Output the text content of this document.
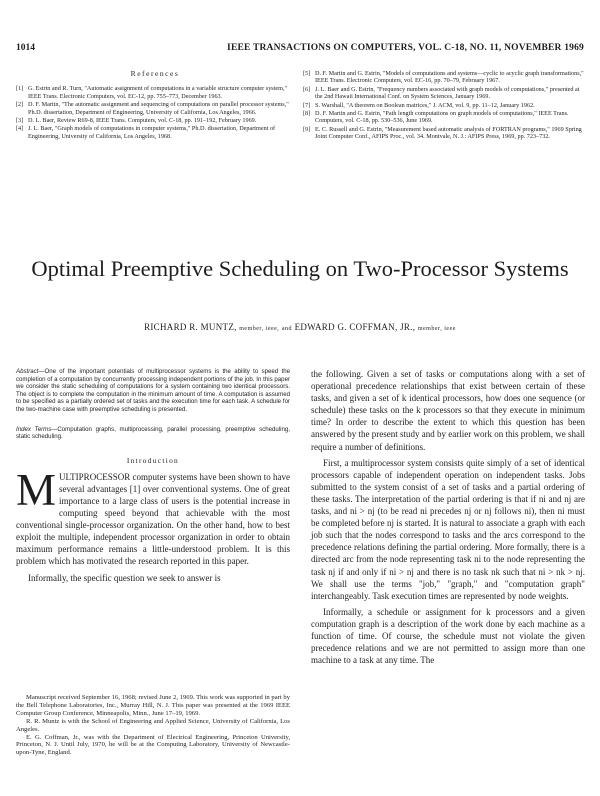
1014	IEEE TRANSACTIONS ON COMPUTERS, VOL. C-18, NO. 11, NOVEMBER 1969
References
[1] G. Estrin and R. Turn, "Automatic assignment of computations in a variable structure computer system," IEEE Trans. Electronic Computers, vol. EC-12, pp. 755–773, December 1963.
[2] D. F. Martin, "The automatic assignment and sequencing of computations on parallel processor systems," Ph.D. dissertation, Department of Engineering, University of California, Los Angeles, 1966.
[3] D. L. Baer, Review R69-8, IEEE Trans. Computers, vol. C-18, pp. 191–192, February 1969.
[4] J. L. Baer, "Graph models of computations in computer systems," Ph.D. dissertation, Department of Engineering, University of California, Los Angeles, 1968.
[5] D. F. Martin and G. Estrin, "Models of computations and systems—cyclic to acyclic graph transformations," IEEE Trans. Electronic Computers, vol. EC-16, pp. 70–79, February 1967.
[6] J. L. Baer and G. Estrin, "Frequency numbers associated with graph models of computations," presented at the 2nd Hawaii International Conf. on System Sciences, January 1969.
[7] S. Warshall, "A theorem on Boolean matrices," J. ACM, vol. 9, pp. 11–12, January 1962.
[8] D. F. Martin and G. Estrin, "Path length computations on graph models of computations," IEEE Trans. Computers, vol. C-18, pp. 530–536, June 1969.
[9] E. C. Russell and G. Estrin, "Measurement based automatic analysis of FORTRAN programs," 1969 Spring Joint Computer Conf., AFIPS Proc., vol. 34. Montvale, N. J.: AFIPS Press, 1969, pp. 723–732.
Optimal Preemptive Scheduling on Two-Processor Systems
RICHARD R. MUNTZ, member, ieee, and EDWARD G. COFFMAN, JR., member, ieee

Abstract—One of the important potentials of multiprocessor systems is the ability to speed the completion of a computation by concurrently processing independent portions of the job. In this paper we consider the static scheduling of computations for a system containing two identical processors. The object is to complete the computation in the minimum amount of time. A computation is assumed to be specified as a partially ordered set of tasks and the execution time for each task. A schedule for the two-machine case with preemptive scheduling is presented.

Index Terms—Computation graphs, multiprocessing, parallel processing, preemptive scheduling, static scheduling.

Introduction

MULTIPROCESSOR computer systems have been shown to have several advantages [1] over conventional systems. One of great importance to a large class of users is the potential increase in computing speed beyond that achievable with the most conventional single-processor organization. On the other hand, how to best exploit the multiple, independent processor organization in order to obtain maximum performance remains a little-understood problem. It is this problem which has motivated the research reported in this paper.

Informally, the specific question we seek to answer is

Manuscript received September 16, 1968; revised June 2, 1969. This work was supported in part by the Bell Telephone Laboratories, Inc., Murray Hill, N. J. This paper was presented at the 1969 IEEE Computer Group Conference, Minneapolis, Minn., June 17–19, 1969.

R. R. Muntz is with the School of Engineering and Applied Science, University of California, Los Angeles.

E. G. Coffman, Jr., was with the Department of Electrical Engineering, Princeton University, Princeton, N. J. Until July, 1970, he will be at the Computing Laboratory, University of Newcastle-upon-Tyne, England.

the following. Given a set of tasks or computations along with a set of operational precedence relationships that exist between certain of these tasks, and given a set of k identical processors, how does one sequence (or schedule) these tasks on the k processors so that they execute in minimum time? In order to describe the extent to which this question has been answered by the present study and by earlier work on this problem, we shall require a number of definitions.

First, a multiprocessor system consists quite simply of a set of identical processors capable of independent operation on independent tasks. Jobs submitted to the system consist of a set of tasks and a partial ordering of these tasks. The interpretation of the partial ordering is that if ni and nj are tasks, and ni > nj (to be read ni precedes nj or nj follows ni), then ni must be completed before nj is started. It is natural to associate a graph with each job such that the nodes correspond to tasks and the arcs correspond to the precedence relations defining the partial ordering. More formally, there is a directed arc from the node representing task ni to the node representing the task nj if and only if ni > nj and there is no task nk such that ni > nk > nj. We shall use the terms "job," "graph," and "computation graph" interchangeably. Task execution times are represented by node weights.

Informally, a schedule or assignment for k processors and a given computation graph is a description of the work done by each machine as a function of time. Of course, the schedule must not violate the given precedence relations and we are not permitted to assign more than one machine to a task at any time. The
